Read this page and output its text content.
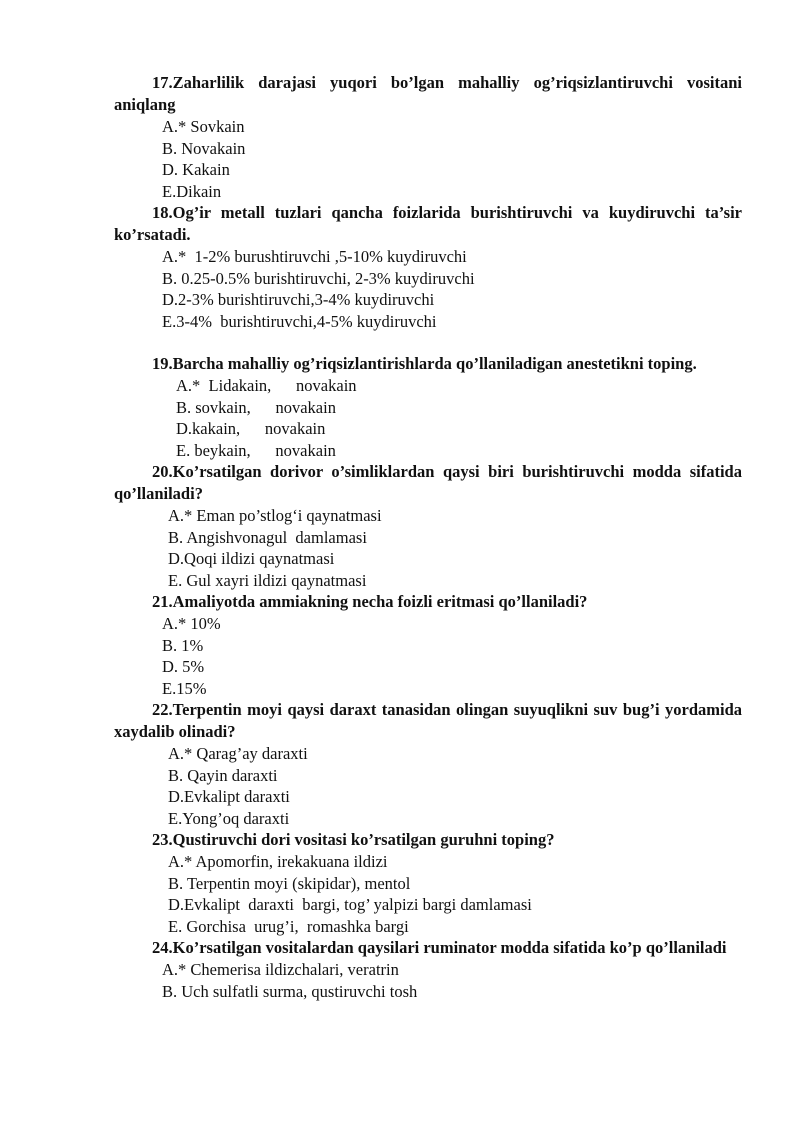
17.Zaharlilik darajasi yuqori bo’lgan mahalliy og’riqsizlantiruvchi vositani aniqlang

A.* Sovkain
B. Novakain
D. Kakain
E.Dikain

18.Og’ir metall tuzlari qancha foizlarida burishtiruvchi va kuydiruvchi ta’sir ko’rsatadi.

A.*  1-2% burushtiruvchi ,5-10% kuydiruvchi
B. 0.25-0.5% burishtiruvchi, 2-3% kuydiruvchi
D.2-3% burishtiruvchi,3-4% kuydiruvchi
E.3-4%  burishtiruvchi,4-5% kuydiruvchi

19.Barcha mahalliy og’riqsizlantirishlarda qo’llaniladigan anestetikni toping.

A.*  Lidakain,      novakain
B. sovkain,      novakain
D.kakain,      novakain
E. beykain,      novakain

20.Ko’rsatilgan dorivor o’simliklardan qaysi biri burishtiruvchi modda sifatida qo’llaniladi?

A.* Eman po’stlog‘i qaynatmasi
B. Angishvonagul  damlamasi
D.Qoqi ildizi qaynatmasi
E. Gul xayri ildizi qaynatmasi

21.Amaliyotda ammiakning necha foizli eritmasi qo’llaniladi?

A.* 10%
B. 1%
D. 5%
E.15%

22.Terpentin moyi qaysi daraxt tanasidan olingan suyuqlikni suv bug’i yordamida xaydalib olinadi?

A.* Qarag’ay daraxti
B. Qayin daraxti
D.Evkalipt daraxti
E.Yong’oq daraxti

23.Qustiruvchi dori vositasi ko’rsatilgan guruhni toping?

A.* Apomorfin, irekakuana ildizi
B. Terpentin moyi (skipidar), mentol
D.Evkalipt  daraxti  bargi, tog’ yalpizi bargi damlamasi
E. Gorchisa  urug’i,  romashka bargi

24.Ko’rsatilgan vositalardan qaysilari ruminator modda sifatida ko’p qo’llaniladi

A.* Chemerisa ildizchalari, veratrin
B. Uch sulfatli surma, qustiruvchi tosh
